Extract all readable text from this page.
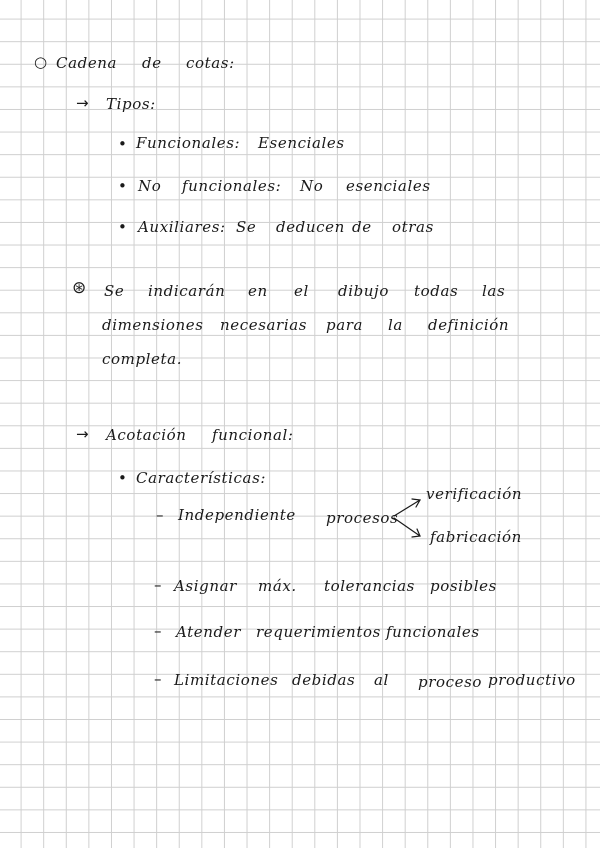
○ Cadena de cotas:
→ Tipos:
• Funcionales: Esenciales
• No funcionales: No esenciales
• Auxiliares: Se deducen de otras
⊛ Se indicarán en el dibujo todas las
dimensiones necesarias para la definición
completa.
→ Acotación funcional:
• Características:
– Independiente procesos
verificación
fabricación
– Asignar máx. tolerancias posibles
– Atender requerimientos funcionales
– Limitaciones debidas al proceso productivo
